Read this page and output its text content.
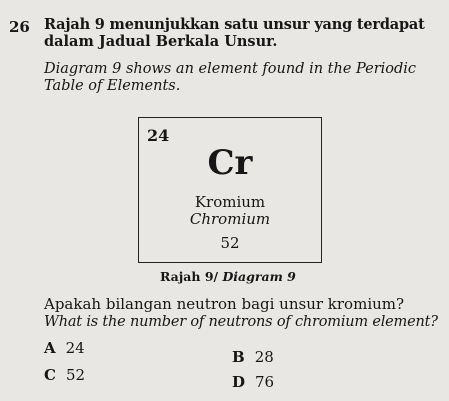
26 Rajah 9 menunjukkan satu unsur yang terdapat
dalam Jadual Berkala Unsur.
Diagram 9 shows an element found in the Periodic
Table of Elements.
24
Cr
Kromium
Chromium
52
Rajah 9/ Diagram 9
Apakah bilangan neutron bagi unsur kromium?
What is the number of neutrons of chromium element?
A 24	B 28
C 52	D 76
